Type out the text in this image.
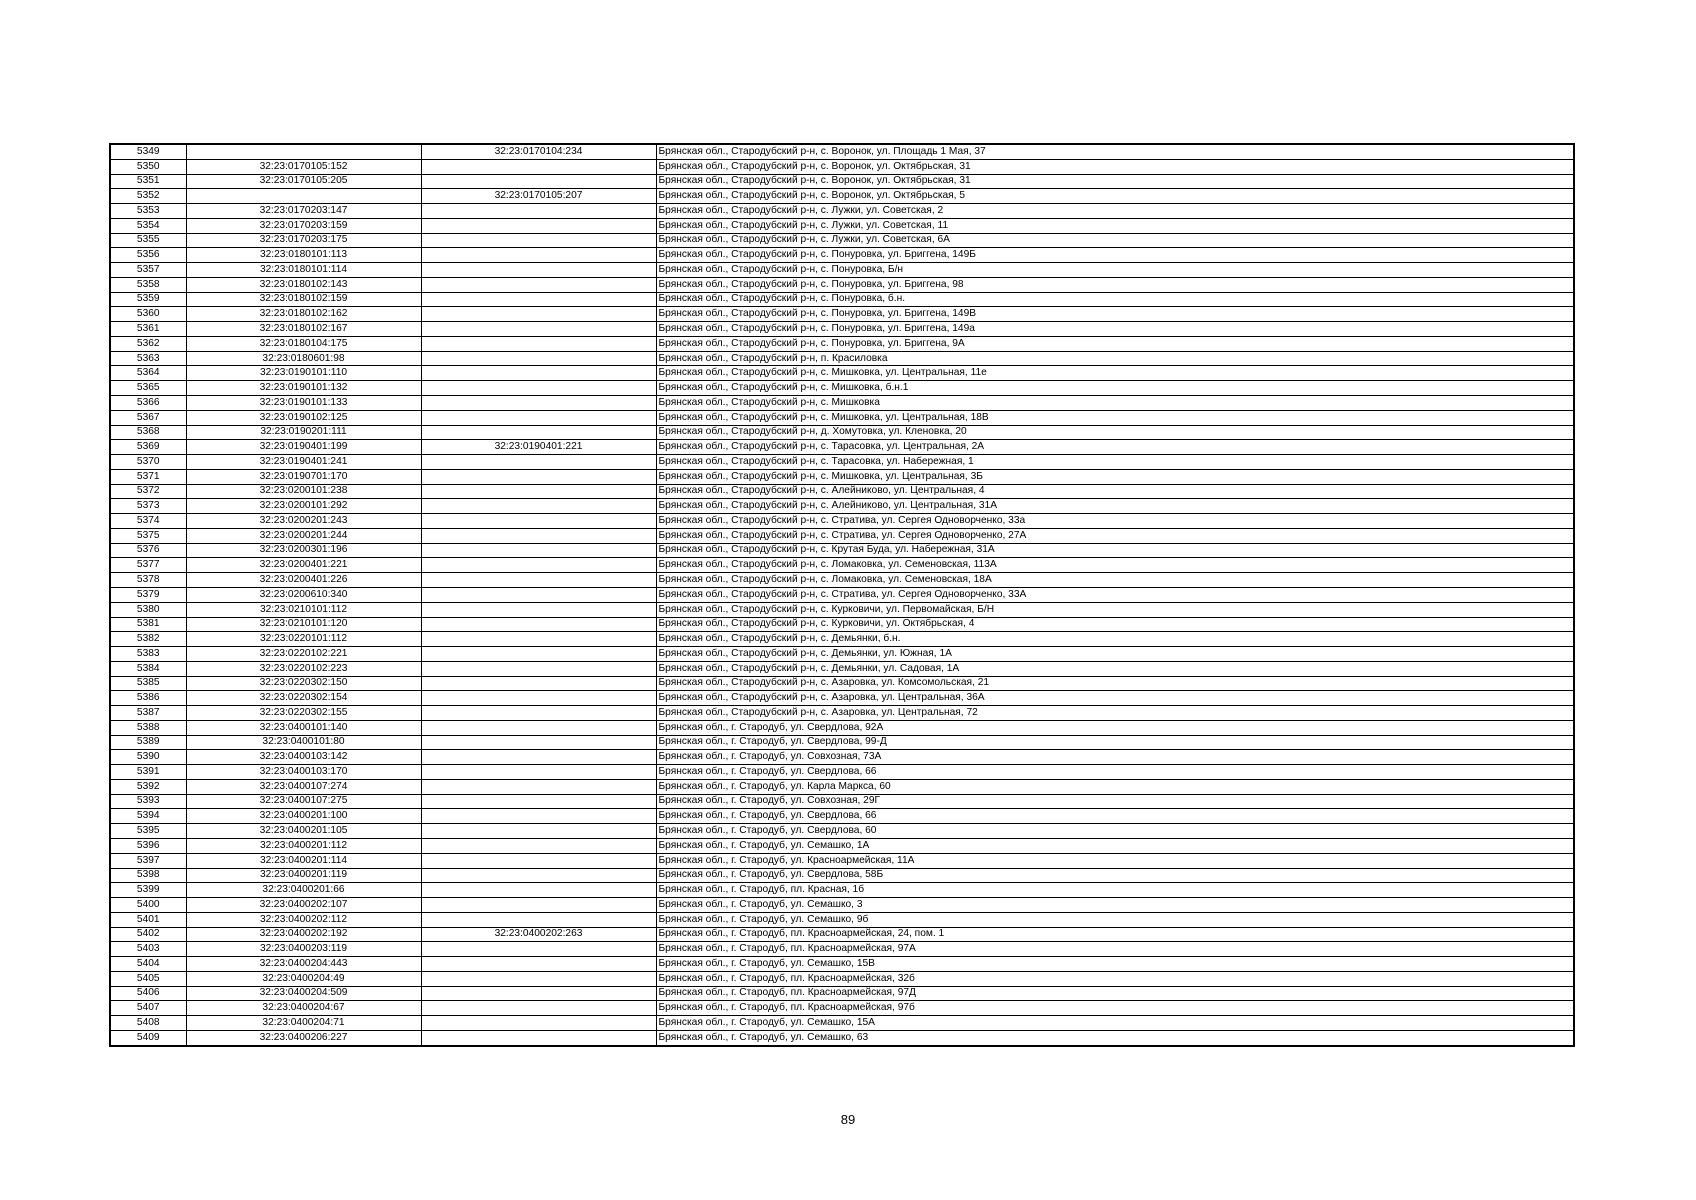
5349		32:23:0170104:234	Брянская обл., Стародубский р-н, с. Воронок, ул. Площадь 1 Мая, 37
5350	32:23:0170105:152		Брянская обл., Стародубский р-н, с. Воронок, ул. Октябрьская, 31
5351	32:23:0170105:205		Брянская обл., Стародубский р-н, с. Воронок, ул. Октябрьская, 31
5352		32:23:0170105:207	Брянская обл., Стародубский р-н, с. Воронок, ул. Октябрьская, 5
5353	32:23:0170203:147		Брянская обл., Стародубский р-н, с. Лужки, ул. Советская, 2
5354	32:23:0170203:159		Брянская обл., Стародубский р-н, с. Лужки, ул. Советская, 11
5355	32:23:0170203:175		Брянская обл., Стародубский р-н, с. Лужки, ул. Советская, 6А
5356	32:23:0180101:113		Брянская обл., Стародубский р-н, с. Понуровка, ул. Бриггена, 149Б
5357	32:23:0180101:114		Брянская обл., Стародубский р-н, с. Понуровка, Б/н
5358	32:23:0180102:143		Брянская обл., Стародубский р-н, с. Понуровка, ул. Бриггена, 98
5359	32:23:0180102:159		Брянская обл., Стародубский р-н, с. Понуровка, б.н.
5360	32:23:0180102:162		Брянская обл., Стародубский р-н, с. Понуровка, ул. Бриггена, 149В
5361	32:23:0180102:167		Брянская обл., Стародубский р-н, с. Понуровка, ул. Бриггена, 149а
5362	32:23:0180104:175		Брянская обл., Стародубский р-н, с. Понуровка, ул. Бриггена, 9А
5363	32:23:0180601:98		Брянская обл., Стародубский р-н, п. Красиловка
5364	32:23:0190101:110		Брянская обл., Стародубский р-н, с. Мишковка, ул. Центральная, 11е
5365	32:23:0190101:132		Брянская обл., Стародубский р-н, с. Мишковка, б.н.1
5366	32:23:0190101:133		Брянская обл., Стародубский р-н, с. Мишковка
5367	32:23:0190102:125		Брянская обл., Стародубский р-н, с. Мишковка, ул. Центральная, 18В
5368	32:23:0190201:111		Брянская обл., Стародубский р-н, д. Хомутовка, ул. Кленовка, 20
5369	32:23:0190401:199	32:23:0190401:221	Брянская обл., Стародубский р-н, с. Тарасовка, ул. Центральная, 2А
5370	32:23:0190401:241		Брянская обл., Стародубский р-н, с. Тарасовка, ул. Набережная, 1
5371	32:23:0190701:170		Брянская обл., Стародубский р-н, с. Мишковка, ул. Центральная, 3Б
5372	32:23:0200101:238		Брянская обл., Стародубский р-н, с. Алейниково, ул. Центральная, 4
5373	32:23:0200101:292		Брянская обл., Стародубский р-н, с. Алейниково, ул. Центральная, 31А
5374	32:23:0200201:243		Брянская обл., Стародубский р-н, с. Стратива, ул. Сергея Одноворченко, 33а
5375	32:23:0200201:244		Брянская обл., Стародубский р-н, с. Стратива, ул. Сергея Одноворченко, 27А
5376	32:23:0200301:196		Брянская обл., Стародубский р-н, с. Крутая Буда, ул. Набережная, 31А
5377	32:23:0200401:221		Брянская обл., Стародубский р-н, с. Ломаковка, ул. Семеновская, 113А
5378	32:23:0200401:226		Брянская обл., Стародубский р-н, с. Ломаковка, ул. Семеновская, 18А
5379	32:23:0200610:340		Брянская обл., Стародубский р-н, с. Стратива, ул. Сергея Одноворченко, 33А
5380	32:23:0210101:112		Брянская обл., Стародубский р-н, с. Курковичи, ул. Первомайская, Б/Н
5381	32:23:0210101:120		Брянская обл., Стародубский р-н, с. Курковичи, ул. Октябрьская, 4
5382	32:23:0220101:112		Брянская обл., Стародубский р-н, с. Демьянки, б.н.
5383	32:23:0220102:221		Брянская обл., Стародубский р-н, с. Демьянки, ул. Южная, 1А
5384	32:23:0220102:223		Брянская обл., Стародубский р-н, с. Демьянки, ул. Садовая, 1А
5385	32:23:0220302:150		Брянская обл., Стародубский р-н, с. Азаровка, ул. Комсомольская, 21
5386	32:23:0220302:154		Брянская обл., Стародубский р-н, с. Азаровка, ул. Центральная, 36А
5387	32:23:0220302:155		Брянская обл., Стародубский р-н, с. Азаровка, ул. Центральная, 72
5388	32:23:0400101:140		Брянская обл., г. Стародуб, ул. Свердлова, 92А
5389	32:23:0400101:80		Брянская обл., г. Стародуб, ул. Свердлова, 99-Д
5390	32:23:0400103:142		Брянская обл., г. Стародуб, ул. Совхозная, 73А
5391	32:23:0400103:170		Брянская обл., г. Стародуб, ул. Свердлова, 66
5392	32:23:0400107:274		Брянская обл., г. Стародуб, ул. Карла Маркса, 60
5393	32:23:0400107:275		Брянская обл., г. Стародуб, ул. Совхозная, 29Г
5394	32:23:0400201:100		Брянская обл., г. Стародуб, ул. Свердлова, 66
5395	32:23:0400201:105		Брянская обл., г. Стародуб, ул. Свердлова, 60
5396	32:23:0400201:112		Брянская обл., г. Стародуб, ул. Семашко, 1А
5397	32:23:0400201:114		Брянская обл., г. Стародуб, ул. Красноармейская, 11А
5398	32:23:0400201:119		Брянская обл., г. Стародуб, ул. Свердлова, 58Б
5399	32:23:0400201:66		Брянская обл., г. Стародуб, пл. Красная, 1б
5400	32:23:0400202:107		Брянская обл., г. Стародуб, ул. Семашко, 3
5401	32:23:0400202:112		Брянская обл., г. Стародуб, ул. Семашко, 9б
5402	32:23:0400202:192	32:23:0400202:263	Брянская обл., г. Стародуб, пл. Красноармейская, 24, пом. 1
5403	32:23:0400203:119		Брянская обл., г. Стародуб, пл. Красноармейская, 97А
5404	32:23:0400204:443		Брянская обл., г. Стародуб, ул. Семашко, 15В
5405	32:23:0400204:49		Брянская обл., г. Стародуб, пл. Красноармейская, 32б
5406	32:23:0400204:509		Брянская обл., г. Стародуб, пл. Красноармейская, 97Д
5407	32:23:0400204:67		Брянская обл., г. Стародуб, пл. Красноармейская, 97б
5408	32:23:0400204:71		Брянская обл., г. Стародуб, ул. Семашко, 15А
5409	32:23:0400206:227		Брянская обл., г. Стародуб, ул. Семашко, 63
89
